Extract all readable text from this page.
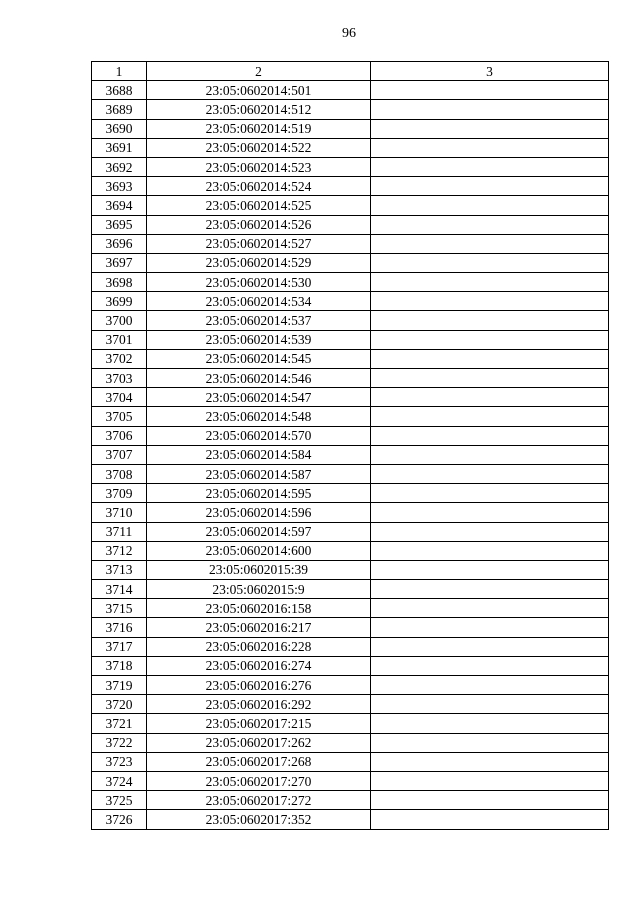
96
1	2	3
3688	23:05:0602014:501	
3689	23:05:0602014:512	
3690	23:05:0602014:519	
3691	23:05:0602014:522	
3692	23:05:0602014:523	
3693	23:05:0602014:524	
3694	23:05:0602014:525	
3695	23:05:0602014:526	
3696	23:05:0602014:527	
3697	23:05:0602014:529	
3698	23:05:0602014:530	
3699	23:05:0602014:534	
3700	23:05:0602014:537	
3701	23:05:0602014:539	
3702	23:05:0602014:545	
3703	23:05:0602014:546	
3704	23:05:0602014:547	
3705	23:05:0602014:548	
3706	23:05:0602014:570	
3707	23:05:0602014:584	
3708	23:05:0602014:587	
3709	23:05:0602014:595	
3710	23:05:0602014:596	
3711	23:05:0602014:597	
3712	23:05:0602014:600	
3713	23:05:0602015:39	
3714	23:05:0602015:9	
3715	23:05:0602016:158	
3716	23:05:0602016:217	
3717	23:05:0602016:228	
3718	23:05:0602016:274	
3719	23:05:0602016:276	
3720	23:05:0602016:292	
3721	23:05:0602017:215	
3722	23:05:0602017:262	
3723	23:05:0602017:268	
3724	23:05:0602017:270	
3725	23:05:0602017:272	
3726	23:05:0602017:352	
